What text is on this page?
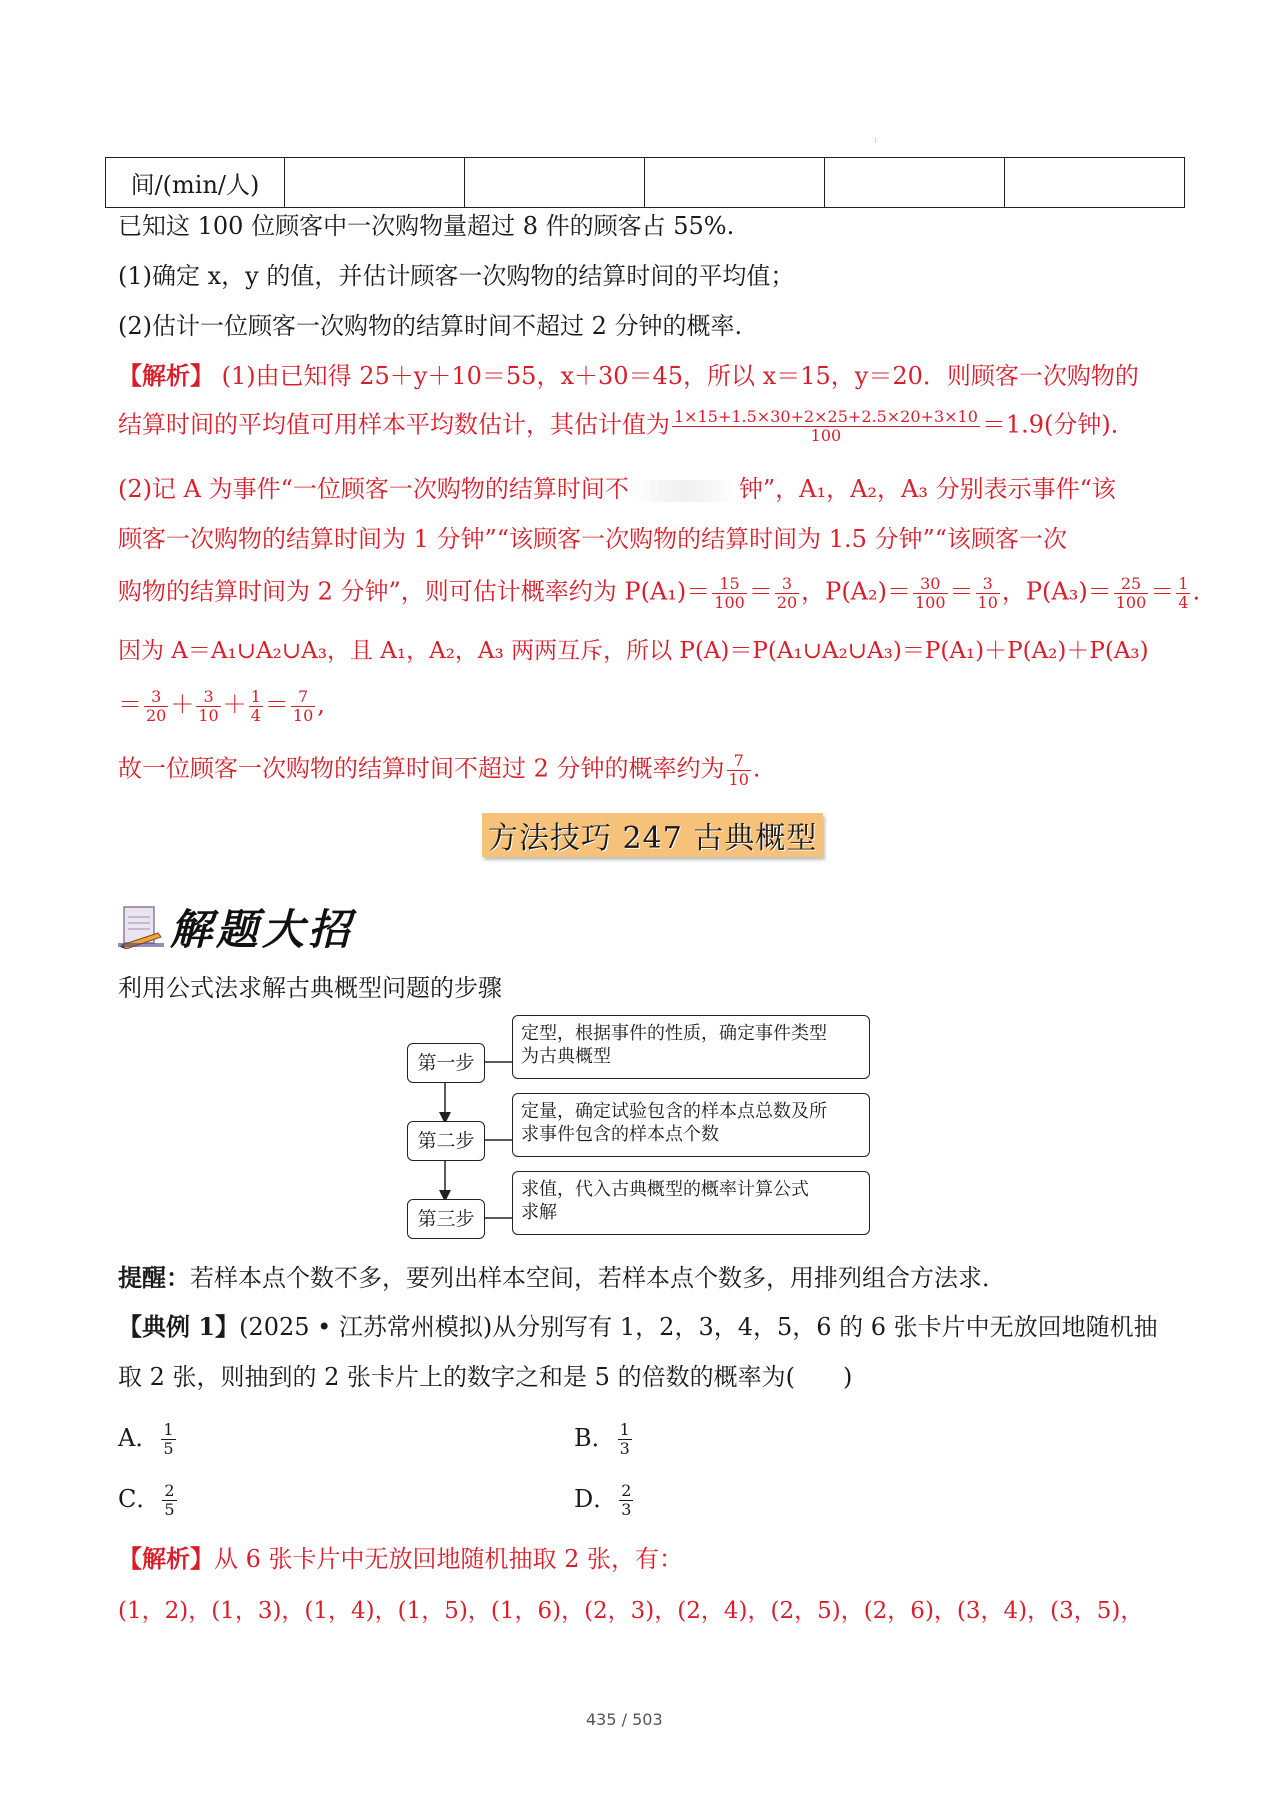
:
间/(min/人)					
已知这 100 位顾客中一次购物量超过 8 件的顾客占 55%.
(1)确定 x，y 的值，并估计顾客一次购物的结算时间的平均值；
(2)估计一位顾客一次购物的结算时间不超过 2 分钟的概率.
【解析】 (1)由已知得 25＋y＋10＝55，x＋30＝45，所以 x＝15，y＝20．则顾客一次购物的
结算时间的平均值可用样本平均数估计，其估计值为 $\frac{1\times 15+1.5\times 30+2\times 25+2.5\times 20+3\times 10}{100} =1.9$(分钟)．
(2)记 A 为事件“一位顾客一次购物的结算时间不	钟”，A₁，A₂，A₃ 分别表示事件“该
顾客一次购物的结算时间为 1 分钟”“该顾客一次购物的结算时间为 1.5 分钟”“该顾客一次
购物的结算时间为 2 分钟”，则可估计概率约为 $P(A_1)= \frac{15}{100} = \frac{3}{20}$ ，$P(A_2)= \frac{30}{100} = \frac{3}{10}$ ，$P(A_3)= \frac{25}{100} = \frac{1}{4}$ .
因为 A＝A₁∪A₂∪A₃，且 A₁，A₂，A₃ 两两互斥，所以 P(A)＝P(A₁∪A₂∪A₃)＝P(A₁)＋P(A₂)＋P(A₃)
＝ $\frac{3}{20} + \frac{3}{10} + \frac{1}{4} = \frac{7}{10}$ ,
故一位顾客一次购物的结算时间不超过 2 分钟的概率约为 $\frac{7}{10}$ .
方法技巧 247 古典概型
解题大招
利用公式法求解古典概型问题的步骤
第一步
第二步
第三步
定型，根据事件的性质，确定事件类型
为古典概型
定量，确定试验包含的样本点总数及所
求事件包含的样本点个数
求值，代入古典概型的概率计算公式
求解
提醒：若样本点个数不多，要列出样本空间，若样本点个数多，用排列组合方法求．
【典例 1】(2025 • 江苏常州模拟)从分别写有 1，2，3，4，5，6 的 6 张卡片中无放回地随机抽
取 2 张，则抽到的 2 张卡片上的数字之和是 5 的倍数的概率为(　　)
A． $\frac{1}{5}$	B． $\frac{1}{3}$
C． $\frac{2}{5}$	D． $\frac{2}{3}$
【解析】从 6 张卡片中无放回地随机抽取 2 张，有：
(1，2)，(1，3)，(1，4)，(1，5)，(1，6)，(2，3)，(2，4)，(2，5)，(2，6)，(3，4)，(3，5)，
435 / 503
